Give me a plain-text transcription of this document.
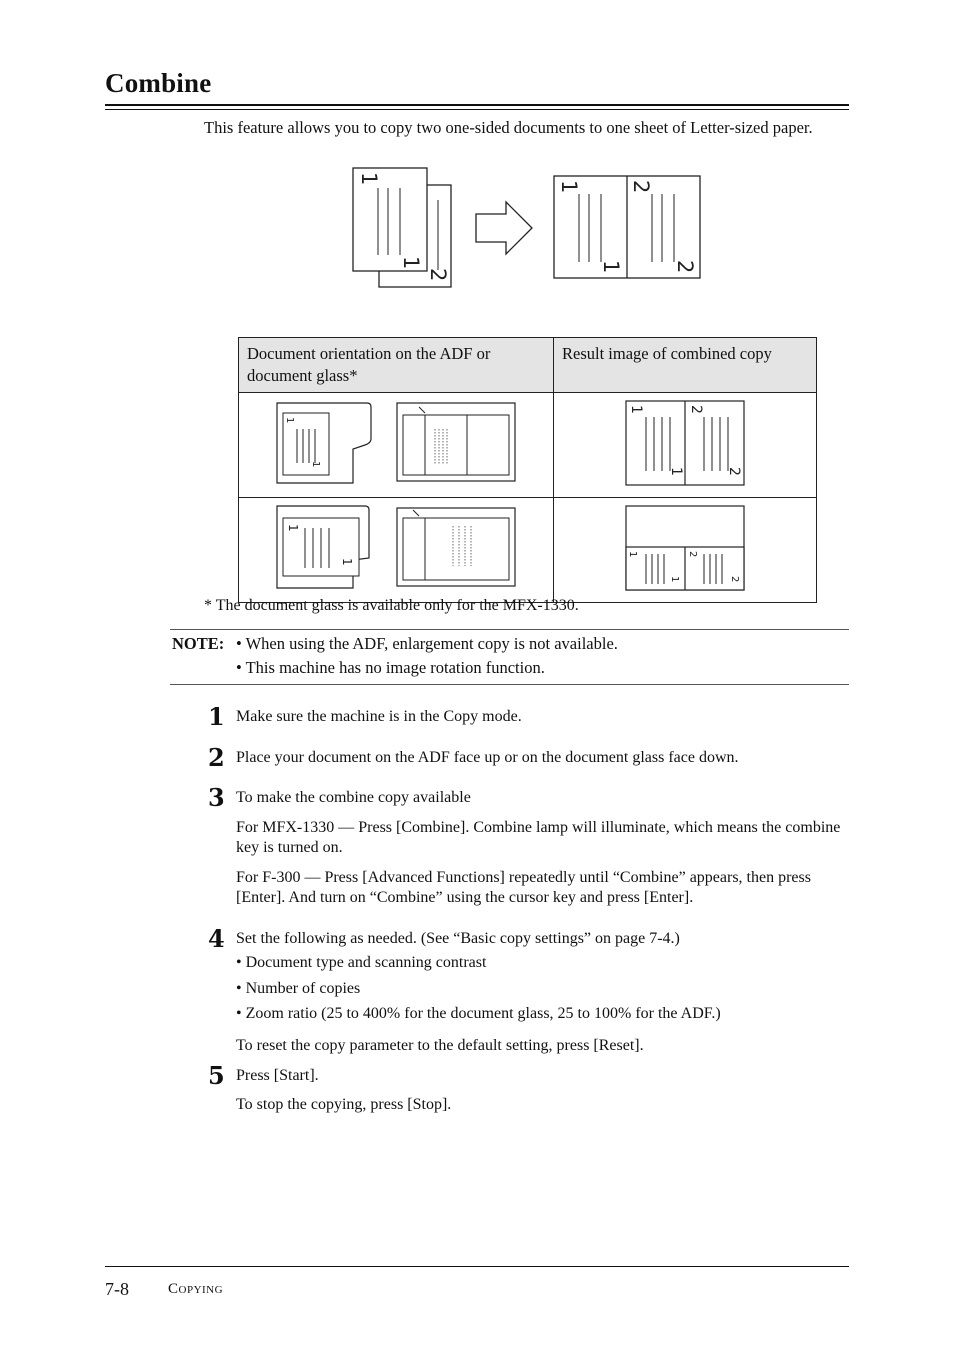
Combine
This feature allows you to copy two one-sided documents to one sheet of Letter-sized paper.
1
1
2
1
1
2
2
Document orientation on the ADF or document glass*	Result image of combined copy

1
1	1
1
2
2

1
1	1
1
2
2
* The document glass is available only for the MFX-1330.
NOTE: • When using the ADF, enlargement copy is not available.
• This machine has no image rotation function.
1 Make sure the machine is in the Copy mode.
2 Place your document on the ADF face up or on the document glass face down.
3 To make the combine copy available
For MFX-1330 — Press [Combine]. Combine lamp will illuminate, which means the combine key is turned on.
For F-300 — Press [Advanced Functions] repeatedly until “Combine” appears, then press [Enter]. And turn on “Combine” using the cursor key and press [Enter].
4 Set the following as needed. (See “Basic copy settings” on page 7-4.)
• Document type and scanning contrast
• Number of copies
• Zoom ratio (25 to 400% for the document glass, 25 to 100% for the ADF.)
To reset the copy parameter to the default setting, press [Reset].
5 Press [Start].
To stop the copying, press [Stop].
7-8	Copying
